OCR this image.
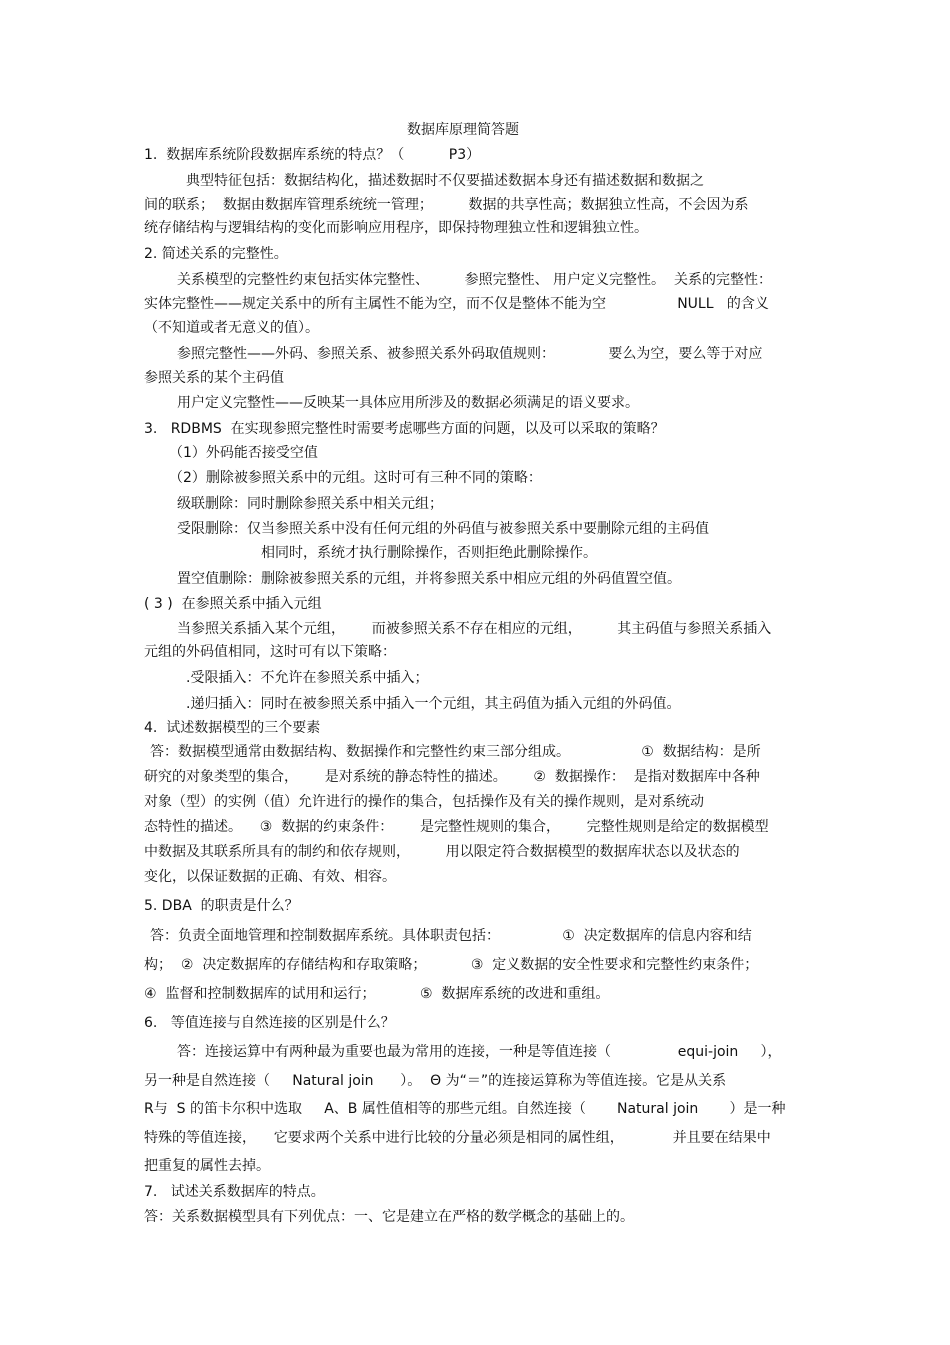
数据库原理简答题
1.  数据库系统阶段数据库系统的特点？（          P3）
典型特征包括：数据结构化，描述数据时不仅要描述数据本身还有描述数据和数据之
间的联系；  数据由数据库管理系统统一管理；        数据的共享性高；数据独立性高，不会因为系
统存储结构与逻辑结构的变化而影响应用程序，即保持物理独立性和逻辑独立性。
2. 简述关系的完整性。
关系模型的完整性约束包括实体完整性、        参照完整性、 用户定义完整性。  关系的完整性：
实体完整性——规定关系中的所有主属性不能为空，而不仅是整体不能为空                NULL   的含义
（不知道或者无意义的值）。
参照完整性——外码、参照关系、被参照关系外码取值规则：            要么为空，要么等于对应
参照关系的某个主码值
用户定义完整性——反映某一具体应用所涉及的数据必须满足的语义要求。
3.   RDBMS  在实现参照完整性时需要考虑哪些方面的问题，以及可以采取的策略？
（1）外码能否接受空值
（2）删除被参照关系中的元组。这时可有三种不同的策略：
级联删除：同时删除参照关系中相关元组；
受限删除：仅当参照关系中没有任何元组的外码值与被参照关系中要删除元组的主码值
相同时，系统才执行删除操作，否则拒绝此删除操作。
置空值删除：删除被参照关系的元组，并将参照关系中相应元组的外码值置空值。
( 3 )  在参照关系中插入元组
当参照关系插入某个元组，      而被参照关系不存在相应的元组，        其主码值与参照关系插入
元组的外码值相同，这时可有以下策略：
.受限插入：不允许在参照关系中插入；
.递归插入：同时在被参照关系中插入一个元组，其主码值为插入元组的外码值。
4.  试述数据模型的三个要素
答：数据模型通常由数据结构、数据操作和完整性约束三部分组成。                ①  数据结构：是所
研究的对象类型的集合，      是对系统的静态特性的描述。      ②  数据操作：  是指对数据库中各种
对象（型）的实例（值）允许进行的操作的集合，包括操作及有关的操作规则，是对系统动
态特性的描述。    ③  数据的约束条件：      是完整性规则的集合，      完整性规则是给定的数据模型
中数据及其联系所具有的制约和依存规则，        用以限定符合数据模型的数据库状态以及状态的
变化，以保证数据的正确、有效、相容。
5. DBA  的职责是什么？
答：负责全面地管理和控制数据库系统。具体职责包括：              ①  决定数据库的信息内容和结
构；  ②  决定数据库的存储结构和存取策略；          ③  定义数据的安全性要求和完整性约束条件；
④  监督和控制数据库的试用和运行；          ⑤  数据库系统的改进和重组。
6.   等值连接与自然连接的区别是什么？
答：连接运算中有两种最为重要也最为常用的连接，一种是等值连接（               equi-join     ），
另一种是自然连接（     Natural join      ）。  Θ 为“＝”的连接运算称为等值连接。它是从关系
R与  S 的笛卡尔积中选取     A、B 属性值相等的那些元组。自然连接（       Natural join       ）是一种
特殊的等值连接，    它要求两个关系中进行比较的分量必须是相同的属性组，           并且要在结果中
把重复的属性去掉。
7.   试述关系数据库的特点。
答：关系数据模型具有下列优点：一、它是建立在严格的数学概念的基础上的。
